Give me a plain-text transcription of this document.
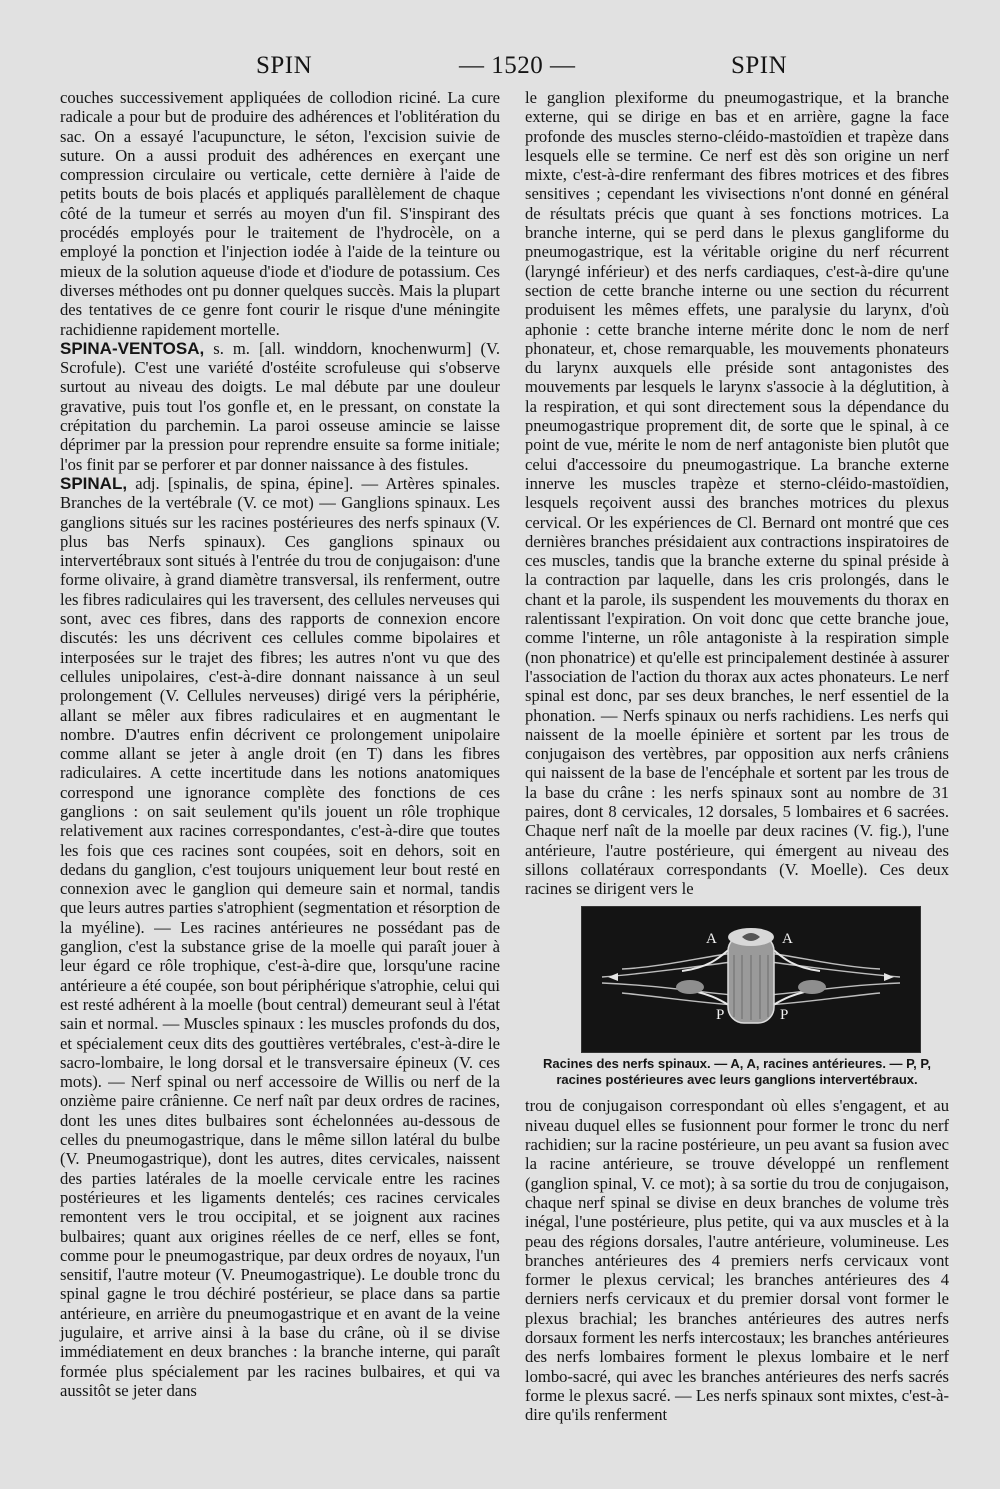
SPIN	— 1520 —	SPIN

couches successivement appliquées de collodion riciné. La cure radicale a pour but de produire des adhérences et l'oblitération du sac. On a essayé l'acupuncture, le séton, l'excision suivie de suture. On a aussi produit des adhérences en exerçant une compression circulaire ou verticale, cette dernière à l'aide de petits bouts de bois placés et appliqués parallèlement de chaque côté de la tumeur et serrés au moyen d'un fil. S'inspirant des procédés employés pour le traitement de l'hydrocèle, on a employé la ponction et l'injection iodée à l'aide de la teinture ou mieux de la solution aqueuse d'iode et d'iodure de potassium. Ces diverses méthodes ont pu donner quelques succès. Mais la plupart des tentatives de ce genre font courir le risque d'une méningite rachidienne rapidement mortelle.

SPINA-VENTOSA, s. m. [all. winddorn, knochenwurm] (V. Scrofule). C'est une variété d'ostéite scrofuleuse qui s'observe surtout au niveau des doigts. Le mal débute par une douleur gravative, puis tout l'os gonfle et, en le pressant, on constate la crépitation du parchemin. La paroi osseuse amincie se laisse déprimer par la pression pour reprendre ensuite sa forme initiale; l'os finit par se perforer et par donner naissance à des fistules.

SPINAL, adj. [spinalis, de spina, épine]. — Artères spinales. Branches de la vertébrale (V. ce mot) — Ganglions spinaux. Les ganglions situés sur les racines postérieures des nerfs spinaux (V. plus bas Nerfs spinaux). Ces ganglions spinaux ou intervertébraux sont situés à l'entrée du trou de conjugaison: d'une forme olivaire, à grand diamètre transversal, ils renferment, outre les fibres radiculaires qui les traversent, des cellules nerveuses qui sont, avec ces fibres, dans des rapports de connexion encore discutés: les uns décrivent ces cellules comme bipolaires et interposées sur le trajet des fibres; les autres n'ont vu que des cellules unipolaires, c'est-à-dire donnant naissance à un seul prolongement (V. Cellules nerveuses) dirigé vers la périphérie, allant se mêler aux fibres radiculaires et en augmentant le nombre. D'autres enfin décrivent ce prolongement unipolaire comme allant se jeter à angle droit (en T) dans les fibres radiculaires. A cette incertitude dans les notions anatomiques correspond une ignorance complète des fonctions de ces ganglions : on sait seulement qu'ils jouent un rôle trophique relativement aux racines correspondantes, c'est-à-dire que toutes les fois que ces racines sont coupées, soit en dehors, soit en dedans du ganglion, c'est toujours uniquement leur bout resté en connexion avec le ganglion qui demeure sain et normal, tandis que leurs autres parties s'atrophient (segmentation et résorption de la myéline). — Les racines antérieures ne possédant pas de ganglion, c'est la substance grise de la moelle qui paraît jouer à leur égard ce rôle trophique, c'est-à-dire que, lorsqu'une racine antérieure a été coupée, son bout périphérique s'atrophie, celui qui est resté adhérent à la moelle (bout central) demeurant seul à l'état sain et normal. — Muscles spinaux : les muscles profonds du dos, et spécialement ceux dits des gouttières vertébrales, c'est-à-dire le sacro-lombaire, le long dorsal et le transversaire épineux (V. ces mots). — Nerf spinal ou nerf accessoire de Willis ou nerf de la onzième paire crânienne. Ce nerf naît par deux ordres de racines, dont les unes dites bulbaires sont échelonnées au-dessous de celles du pneumogastrique, dans le même sillon latéral du bulbe (V. Pneumogastrique), dont les autres, dites cervicales, naissent des parties latérales de la moelle cervicale entre les racines postérieures et les ligaments dentelés; ces racines cervicales remontent vers le trou occipital, et se joignent aux racines bulbaires; quant aux origines réelles de ce nerf, elles se font, comme pour le pneumogastrique, par deux ordres de noyaux, l'un sensitif, l'autre moteur (V. Pneumogastrique). Le double tronc du spinal gagne le trou déchiré postérieur, se place dans sa partie antérieure, en arrière du pneumogastrique et en avant de la veine jugulaire, et arrive ainsi à la base du crâne, où il se divise immédiatement en deux branches : la branche interne, qui paraît formée plus spécialement par les racines bulbaires, et qui va aussitôt se jeter dans

le ganglion plexiforme du pneumogastrique, et la branche externe, qui se dirige en bas et en arrière, gagne la face profonde des muscles sterno-cléido-mastoïdien et trapèze dans lesquels elle se termine. Ce nerf est dès son origine un nerf mixte, c'est-à-dire renfermant des fibres motrices et des fibres sensitives ; cependant les vivisections n'ont donné en général de résultats précis que quant à ses fonctions motrices. La branche interne, qui se perd dans le plexus gangliforme du pneumogastrique, est la véritable origine du nerf récurrent (laryngé inférieur) et des nerfs cardiaques, c'est-à-dire qu'une section de cette branche interne ou une section du récurrent produisent les mêmes effets, une paralysie du larynx, d'où aphonie : cette branche interne mérite donc le nom de nerf phonateur, et, chose remarquable, les mouvements phonateurs du larynx auxquels elle préside sont antagonistes des mouvements par lesquels le larynx s'associe à la déglutition, à la respiration, et qui sont directement sous la dépendance du pneumogastrique proprement dit, de sorte que le spinal, à ce point de vue, mérite le nom de nerf antagoniste bien plutôt que celui d'accessoire du pneumogastrique. La branche externe innerve les muscles trapèze et sterno-cléido-mastoïdien, lesquels reçoivent aussi des branches motrices du plexus cervical. Or les expériences de Cl. Bernard ont montré que ces dernières branches présidaient aux contractions inspiratoires de ces muscles, tandis que la branche externe du spinal préside à la contraction par laquelle, dans les cris prolongés, dans le chant et la parole, ils suspendent les mouvements du thorax en ralentissant l'expiration. On voit donc que cette branche joue, comme l'interne, un rôle antagoniste à la respiration simple (non phonatrice) et qu'elle est principalement destinée à assurer l'association de l'action du thorax aux actes phonateurs. Le nerf spinal est donc, par ses deux branches, le nerf essentiel de la phonation. — Nerfs spinaux ou nerfs rachidiens. Les nerfs qui naissent de la moelle épinière et sortent par les trous de conjugaison des vertèbres, par opposition aux nerfs crâniens qui naissent de la base de l'encéphale et sortent par les trous de la base du crâne : les nerfs spinaux sont au nombre de 31 paires, dont 8 cervicales, 12 dorsales, 5 lombaires et 6 sacrées. Chaque nerf naît de la moelle par deux racines (V. fig.), l'une antérieure, l'autre postérieure, qui émergent au niveau des sillons collatéraux correspondants (V. Moelle). Ces deux racines se dirigent vers le

A	A
P	P
Racines des nerfs spinaux. — A, A, racines antérieures. — P, P, racines postérieures avec leurs ganglions intervertébraux.

trou de conjugaison correspondant où elles s'engagent, et au niveau duquel elles se fusionnent pour former le tronc du nerf rachidien; sur la racine postérieure, un peu avant sa fusion avec la racine antérieure, se trouve développé un renflement (ganglion spinal, V. ce mot); à sa sortie du trou de conjugaison, chaque nerf spinal se divise en deux branches de volume très inégal, l'une postérieure, plus petite, qui va aux muscles et à la peau des régions dorsales, l'autre antérieure, volumineuse. Les branches antérieures des 4 premiers nerfs cervicaux vont former le plexus cervical; les branches antérieures des 4 derniers nerfs cervicaux et du premier dorsal vont former le plexus brachial; les branches antérieures des autres nerfs dorsaux forment les nerfs intercostaux; les branches antérieures des nerfs lombaires forment le plexus lombaire et le nerf lombo-sacré, qui avec les branches antérieures des nerfs sacrés forme le plexus sacré. — Les nerfs spinaux sont mixtes, c'est-à-dire qu'ils renferment
